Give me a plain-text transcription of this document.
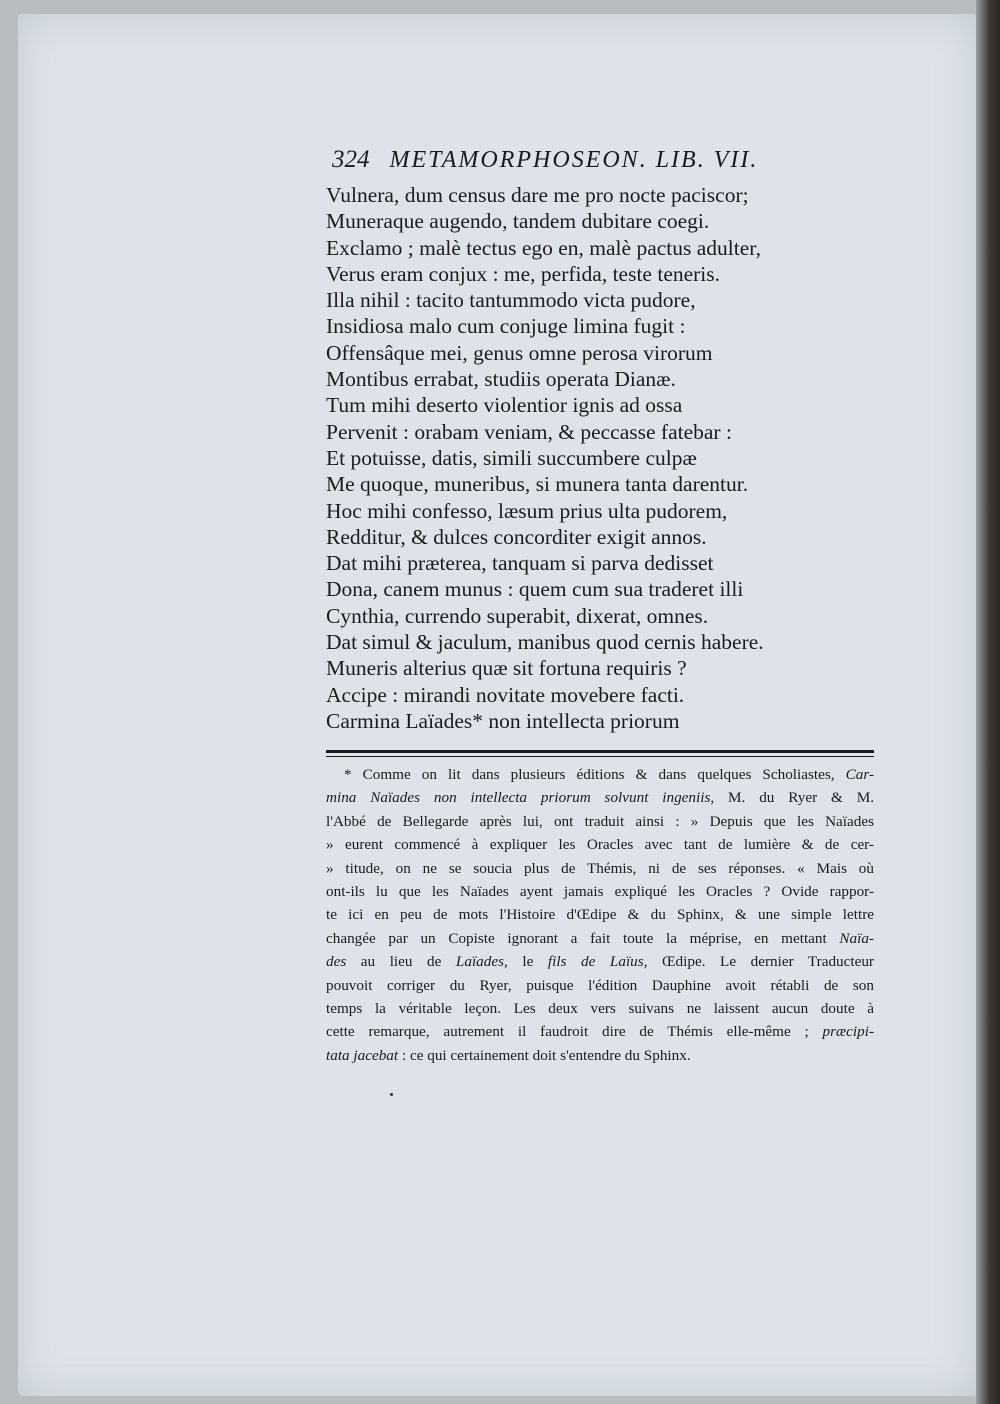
324 METAMORPHOSEON. LIB. VII.
Vulnera, dum census dare me pro nocte paciscor;
Muneraque augendo, tandem dubitare coegi.
Exclamo ; malè tectus ego en, malè pactus adulter,
Verus eram conjux : me, perfida, teste teneris.
Illa nihil : tacito tantummodo victa pudore,
Insidiosa malo cum conjuge limina fugit :
Offensâque mei, genus omne perosa virorum
Montibus errabat, studiis operata Dianæ.
Tum mihi deserto violentior ignis ad ossa
Pervenit : orabam veniam, & peccasse fatebar :
Et potuisse, datis, simili succumbere culpæ
Me quoque, muneribus, si munera tanta darentur.
Hoc mihi confesso, læsum prius ulta pudorem,
Redditur, & dulces concorditer exigit annos.
Dat mihi præterea, tanquam si parva dedisset
Dona, canem munus : quem cum sua traderet illi
Cynthia, currendo superabit, dixerat, omnes.
Dat simul & jaculum, manibus quod cernis habere.
Muneris alterius quæ sit fortuna requiris ?
Accipe : mirandi novitate movebere facti.
Carmina Laïades* non intellecta priorum
* Comme on lit dans plusieurs éditions & dans quelques Scholiastes, Car-
mina Naïades non intellecta priorum solvunt ingeniis, M. du Ryer & M.
l'Abbé de Bellegarde après lui, ont traduit ainsi : » Depuis que les Naïades
» eurent commencé à expliquer les Oracles avec tant de lumière & de cer-
» titude, on ne se soucia plus de Thémis, ni de ses réponses. « Mais où
ont-ils lu que les Naïades ayent jamais expliqué les Oracles ? Ovide rappor-
te ici en peu de mots l'Histoire d'Œdipe & du Sphinx, & une simple lettre
changée par un Copiste ignorant a fait toute la méprise, en mettant Naïa-
des au lieu de Laïades, le fils de Laïus, Œdipe. Le dernier Traducteur
pouvoit corriger du Ryer, puisque l'édition Dauphine avoit rétabli de son
temps la véritable leçon. Les deux vers suivans ne laissent aucun doute à
cette remarque, autrement il faudroit dire de Thémis elle-même ; præcipi-
tata jacebat : ce qui certainement doit s'entendre du Sphinx.
